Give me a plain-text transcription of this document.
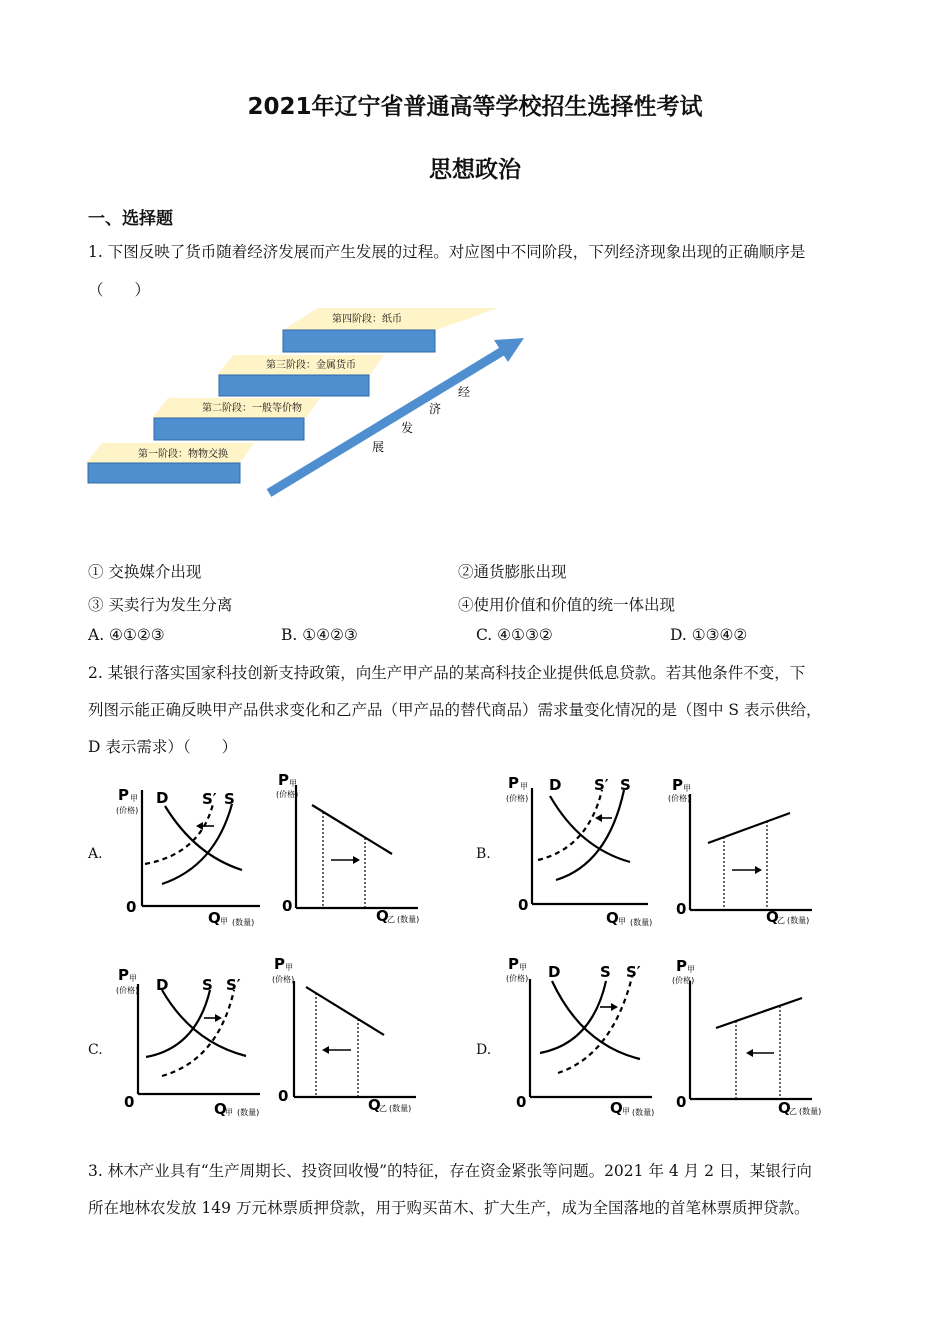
2021年辽宁省普通高等学校招生选择性考试
思想政治
一、选择题
1. 下图反映了货币随着经济发展而产生发展的过程。对应图中不同阶段，下列经济现象出现的正确顺序是
（　　）
第一阶段：物物交换
第二阶段：一般等价物
第三阶段：金属货币
第四阶段：纸币
经
济
发
展
① 交换媒介出现	②通货膨胀出现
③ 买卖行为发生分离	④使用价值和价值的统一体出现
A. ④①②③	B. ①④②③	C. ④①③②	D. ①③④②
2. 某银行落实国家科技创新支持政策，向生产甲产品的某高科技企业提供低息贷款。若其他条件不变，下
列图示能正确反映甲产品供求变化和乙产品（甲产品的替代商品）需求量变化情况的是（图中 S 表示供给，
D 表示需求）（　　）
A.	B.
C.	D.
P 甲
(价格)
0
Q 甲 (数量)
D S′ S
P 甲
(价格)
0
Q
乙 (数量)
P 甲
(价格)
0
Q 甲 (数量)
D S′ S	P 甲
(价格)
0	Q
乙 (数量)
P 甲
(价格)
0	Q
甲 (数量)
D S S′
P 甲
(价格)
0	Q
乙 (数量)
P 甲
(价格)
0	Q 甲 (数量)
D	S S′ P 甲
(价格)
0	Q
乙 (数量)
3. 林木产业具有“生产周期长、投资回收慢”的特征，存在资金紧张等问题。2021 年 4 月 2 日，某银行向
所在地林农发放 149 万元林票质押贷款，用于购买苗木、扩大生产，成为全国落地的首笔林票质押贷款。
